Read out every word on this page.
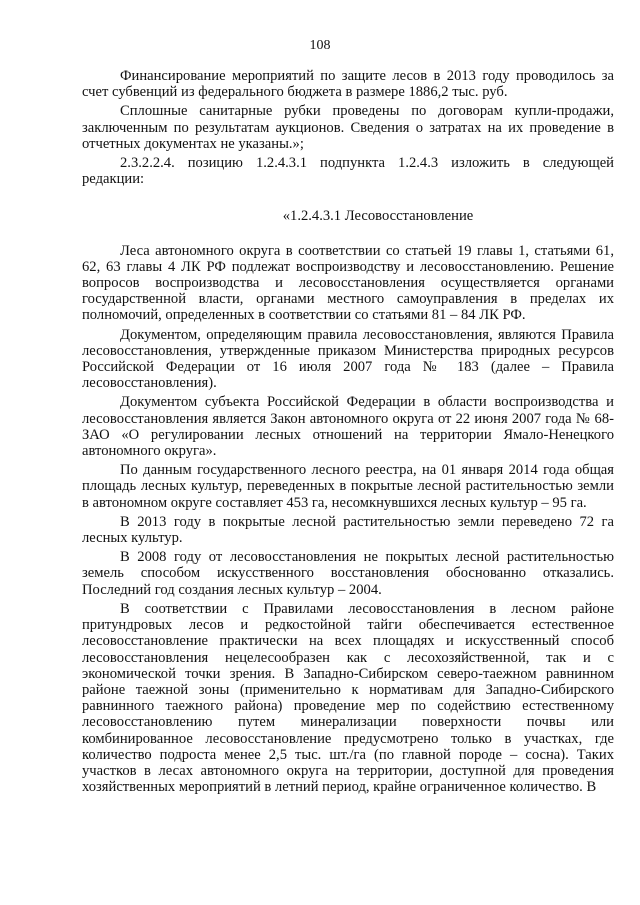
108

Финансирование мероприятий по защите лесов в 2013 году проводилось за счет субвенций из федерального бюджета в размере 1886,2 тыс. руб.

Сплошные санитарные рубки проведены по договорам купли-продажи, заключенным по результатам аукционов. Сведения о затратах на их проведение в отчетных документах не указаны.»;

2.3.2.2.4. позицию 1.2.4.3.1 подпункта 1.2.4.3 изложить в следующей редакции:

«1.2.4.3.1 Лесовосстановление

Леса автономного округа в соответствии со статьей 19 главы 1, статьями 61, 62, 63 главы 4 ЛК РФ подлежат воспроизводству и лесовосстановлению. Решение вопросов воспроизводства и лесовосстановления осуществляется органами государственной власти, органами местного самоуправления в пределах их полномочий, определенных в соответствии со статьями 81 – 84 ЛК РФ.

Документом, определяющим правила лесовосстановления, являются Правила лесовосстановления, утвержденные приказом Министерства природных ресурсов Российской Федерации от 16 июля 2007 года № 183 (далее – Правила лесовосстановления).

Документом субъекта Российской Федерации в области воспроизводства и лесовосстановления является Закон автономного округа от 22 июня 2007 года № 68-ЗАО «О регулировании лесных отношений на территории Ямало-Ненецкого автономного округа».

По данным государственного лесного реестра, на 01 января 2014 года общая площадь лесных культур, переведенных в покрытые лесной растительностью земли в автономном округе составляет 453 га, несомкнувшихся лесных культур – 95 га.

В 2013 году в покрытые лесной растительностью земли переведено 72 га лесных культур.

В 2008 году от лесовосстановления не покрытых лесной растительностью земель способом искусственного восстановления обоснованно отказались. Последний год создания лесных культур – 2004.

В соответствии с Правилами лесовосстановления в лесном районе притундровых лесов и редкостойной тайги обеспечивается естественное лесовосстановление практически на всех площадях и искусственный способ лесовосстановления нецелесообразен как с лесохозяйственной, так и с экономической точки зрения. В Западно-Сибирском северо-таежном равнинном районе таежной зоны (применительно к нормативам для Западно-Сибирского равнинного таежного района) проведение мер по содействию естественному лесовосстановлению путем минерализации поверхности почвы или комбинированное лесовосстановление предусмотрено только в участках, где количество подроста менее 2,5 тыс. шт./га (по главной породе – сосна). Таких участков в лесах автономного округа на территории, доступной для проведения хозяйственных мероприятий в летний период, крайне ограниченное количество. В
